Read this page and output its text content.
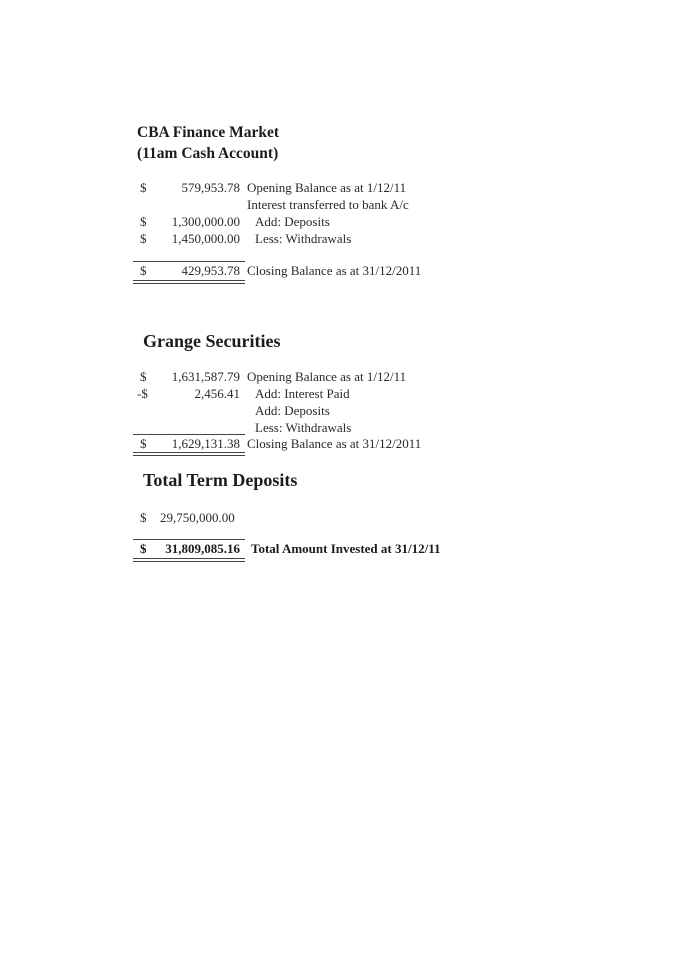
CBA Finance Market
(11am Cash Account)
$	579,953.78 Opening Balance as at 1/12/11
Interest transferred to bank A/c
$ 1,300,000.00 Add: Deposits
$ 1,450,000.00 Less: Withdrawals
$	429,953.78 Closing Balance as at 31/12/2011
Grange Securities
$ 1,631,587.79 Opening Balance as at 1/12/11
-$	2,456.41 Add: Interest Paid
Add: Deposits
Less: Withdrawals
$ 1,629,131.38 Closing Balance as at 31/12/2011
Total Term Deposits
$ 29,750,000.00
$ 31,809,085.16 Total Amount Invested at 31/12/11
